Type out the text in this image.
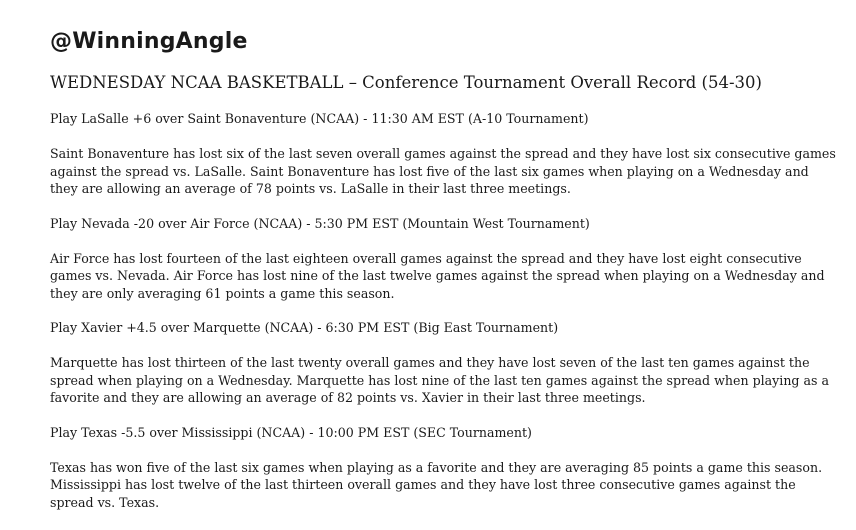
@WinningAngle
WEDNESDAY NCAA BASKETBALL – Conference Tournament Overall Record (54-30)
Play LaSalle +6 over Saint Bonaventure (NCAA) - 11:30 AM EST (A-10 Tournament)
Saint Bonaventure has lost six of the last seven overall games against the spread and they have lost six consecutive games against the spread vs. LaSalle. Saint Bonaventure has lost five of the last six games when playing on a Wednesday and they are allowing an average of 78 points vs. LaSalle in their last three meetings.
Play Nevada -20 over Air Force (NCAA) - 5:30 PM EST (Mountain West Tournament)
Air Force has lost fourteen of the last eighteen overall games against the spread and they have lost eight consecutive games vs. Nevada. Air Force has lost nine of the last twelve games against the spread when playing on a Wednesday and they are only averaging 61 points a game this season.
Play Xavier +4.5 over Marquette (NCAA) - 6:30 PM EST (Big East Tournament)
Marquette has lost thirteen of the last twenty overall games and they have lost seven of the last ten games against the spread when playing on a Wednesday. Marquette has lost nine of the last ten games against the spread when playing as a favorite and they are allowing an average of 82 points vs. Xavier in their last three meetings.
Play Texas -5.5 over Mississippi (NCAA) - 10:00 PM EST (SEC Tournament)
Texas has won five of the last six games when playing as a favorite and they are averaging 85 points a game this season. Mississippi has lost twelve of the last thirteen overall games and they have lost three consecutive games against the spread vs. Texas.
